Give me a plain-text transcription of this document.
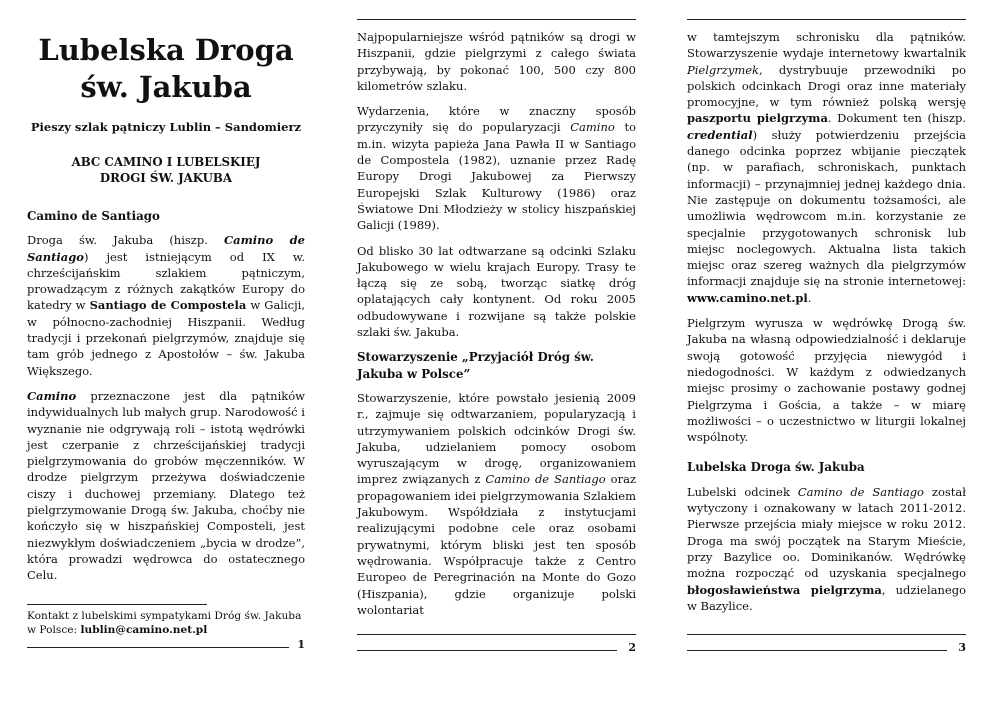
Lubelska Droga
św. Jakuba
Pieszy szlak pątniczy Lublin – Sandomierz
ABC CAMINO I LUBELSKIEJ
DROGI ŚW. JAKUBA
Camino de Santiago

Droga św. Jakuba (hiszp. Camino de Santiago) jest istniejącym od IX w. chrześcijańskim szlakiem pątniczym, prowadzącym z różnych zakątków Europy do katedry w Santiago de Compostela w Galicji, w północno-zachodniej Hiszpanii. Według tradycji i przekonań pielgrzymów, znajduje się tam grób jednego z Apostołów – św. Jakuba Większego.

Camino przeznaczone jest dla pątników indywidualnych lub małych grup. Narodowość i wyznanie nie odgrywają roli – istotą wędrówki jest czerpanie z chrześcijańskiej tradycji pielgrzymowania do grobów męczenników. W drodze pielgrzym przeżywa doświadczenie ciszy i duchowej przemiany. Dlatego też pielgrzymowanie Drogą św. Jakuba, choćby nie kończyło się w hiszpańskiej Composteli, jest niezwykłym doświadczeniem „bycia w drodze”, która prowadzi wędrowca do ostatecznego Celu.

Kontakt z lubelskimi sympatykami Dróg św. Jakuba w Polsce: lublin@camino.net.pl
1

Najpopularniejsze wśród pątników są drogi w Hiszpanii, gdzie pielgrzymi z całego świata przybywają, by pokonać 100, 500 czy 800 kilometrów szlaku.

Wydarzenia, które w znaczny sposób przyczyniły się do popularyzacji Camino to m.in. wizyta papieża Jana Pawła II w Santiago de Compostela (1982), uznanie przez Radę Europy Drogi Jakubowej za Pierwszy Europejski Szlak Kulturowy (1986) oraz Światowe Dni Młodzieży w stolicy hiszpańskiej Galicji (1989).

Od blisko 30 lat odtwarzane są odcinki Szlaku Jakubowego w wielu krajach Europy. Trasy te łączą się ze sobą, tworząc siatkę dróg oplatających cały kontynent. Od roku 2005 odbudowywane i rozwijane są także polskie szlaki św. Jakuba.

Stowarzyszenie „Przyjaciół Dróg św. Jakuba w Polsce”

Stowarzyszenie, które powstało jesienią 2009 r., zajmuje się odtwarzaniem, popularyzacją i utrzymywaniem polskich odcinków Drogi św. Jakuba, udzielaniem pomocy osobom wyruszającym w drogę, organizowaniem imprez związanych z Camino de Santiago oraz propagowaniem idei pielgrzymowania Szlakiem Jakubowym. Współdziała z instytucjami realizującymi podobne cele oraz osobami prywatnymi, którym bliski jest ten sposób wędrowania. Współpracuje także z Centro Europeo de Peregrinación na Monte do Gozo (Hiszpania), gdzie organizuje polski wolontariat

2

w tamtejszym schronisku dla pątników. Stowarzyszenie wydaje internetowy kwartalnik Pielgrzymek, dystrybuuje przewodniki po polskich odcinkach Drogi oraz inne materiały promocyjne, w tym również polską wersję paszportu pielgrzyma. Dokument ten (hiszp. credential) służy potwierdzeniu przejścia danego odcinka poprzez wbijanie pieczątek (np. w parafiach, schroniskach, punktach informacji) – przynajmniej jednej każdego dnia. Nie zastępuje on dokumentu tożsamości, ale umożliwia wędrowcom m.in. korzystanie ze specjalnie przygotowanych schronisk lub miejsc noclegowych. Aktualna lista takich miejsc oraz szereg ważnych dla pielgrzymów informacji znajduje się na stronie internetowej: www.camino.net.pl.

Pielgrzym wyrusza w wędrówkę Drogą św. Jakuba na własną odpowiedzialność i deklaruje swoją gotowość przyjęcia niewygód i niedogodności. W każdym z odwiedzanych miejsc prosimy o zachowanie postawy godnej Pielgrzyma i Gościa, a także – w miarę możliwości – o uczestnictwo w liturgii lokalnej wspólnoty.

Lubelska Droga św. Jakuba

Lubelski odcinek Camino de Santiago został wytyczony i oznakowany w latach 2011-2012. Pierwsze przejścia miały miejsce w roku 2012. Droga ma swój początek na Starym Mieście, przy Bazylice oo. Dominikanów. Wędrówkę można rozpocząć od uzyskania specjalnego błogosławieństwa pielgrzyma, udzielanego w Bazylice.

3
